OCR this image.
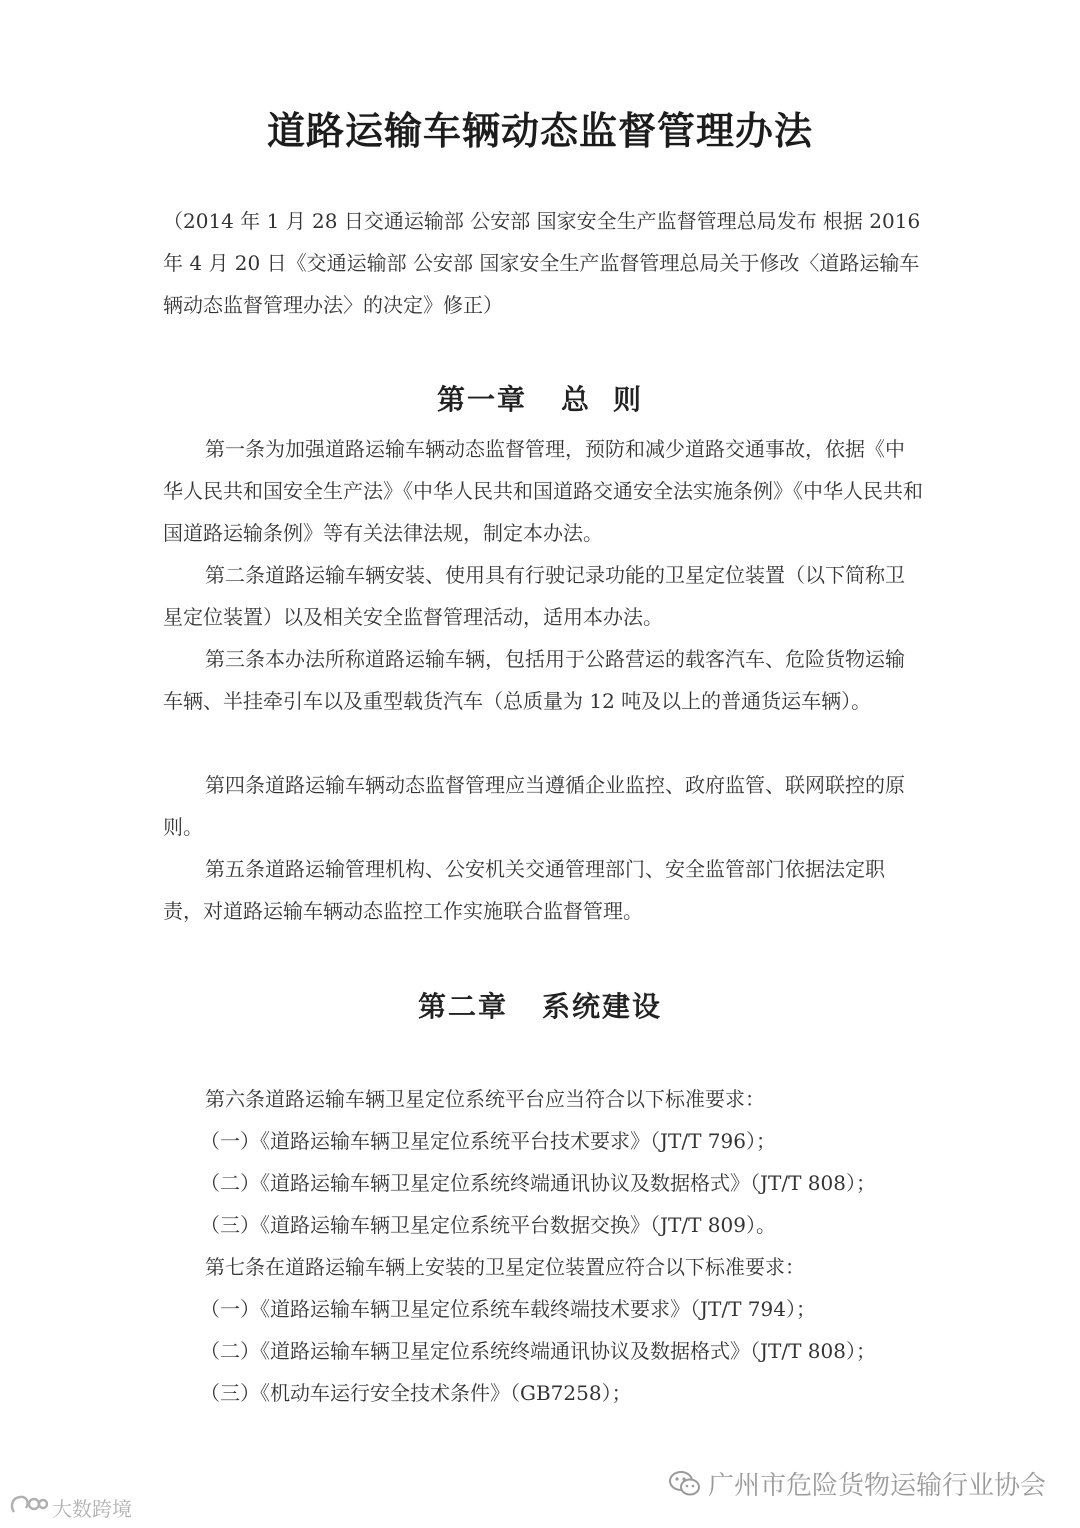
道路运输车辆动态监督管理办法
（2014 年 1 月 28 日交通运输部 公安部 国家安全生产监督管理总局发布 根据 2016 年 4 月 20 日《交通运输部 公安部 国家安全生产监督管理总局关于修改〈道路运输车辆动态监督管理办法〉的决定》修正）
第一章 总 则
第一条为加强道路运输车辆动态监督管理，预防和减少道路交通事故，依据《中华人民共和国安全生产法》《中华人民共和国道路交通安全法实施条例》《中华人民共和国道路运输条例》等有关法律法规，制定本办法。
第二条道路运输车辆安装、使用具有行驶记录功能的卫星定位装置（以下简称卫星定位装置）以及相关安全监督管理活动，适用本办法。
第三条本办法所称道路运输车辆，包括用于公路营运的载客汽车、危险货物运输车辆、半挂牵引车以及重型载货汽车（总质量为 12 吨及以上的普通货运车辆）。
第四条道路运输车辆动态监督管理应当遵循企业监控、政府监管、联网联控的原则。
第五条道路运输管理机构、公安机关交通管理部门、安全监管部门依据法定职责，对道路运输车辆动态监控工作实施联合监督管理。
第二章 系统建设
第六条道路运输车辆卫星定位系统平台应当符合以下标准要求：
（一）《道路运输车辆卫星定位系统平台技术要求》（JT/T 796）；
（二）《道路运输车辆卫星定位系统终端通讯协议及数据格式》（JT/T 808）；
（三）《道路运输车辆卫星定位系统平台数据交换》（JT/T 809）。
第七条在道路运输车辆上安装的卫星定位装置应符合以下标准要求：
（一）《道路运输车辆卫星定位系统车载终端技术要求》（JT/T 794）；
（二）《道路运输车辆卫星定位系统终端通讯协议及数据格式》（JT/T 808）；
（三）《机动车运行安全技术条件》（GB7258）；
广州市危险货物运输行业协会
大数跨境
